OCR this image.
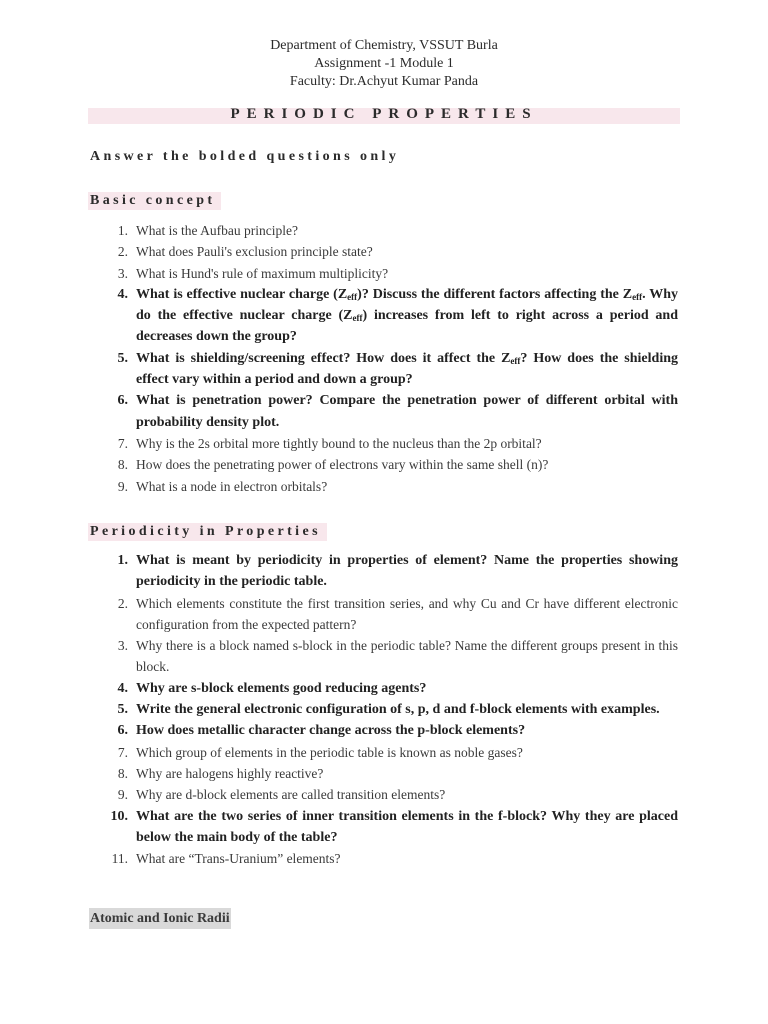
Department of Chemistry, VSSUT Burla
Assignment -1 Module 1
Faculty: Dr.Achyut Kumar Panda
PERIODIC PROPERTIES
Answer the bolded questions only
Basic concept
1. What is the Aufbau principle?
2. What does Pauli's exclusion principle state?
3. What is Hund's rule of maximum multiplicity?
4. What is effective nuclear charge $(Z_{eff})$? Discuss the different factors affecting the $Z_{eff}$. Why do the effective nuclear charge $(Z_{eff})$ increases from left to right across a period and decreases down the group?
5. What is shielding/screening effect? How does it affect the $Z_{eff}$? How does the shielding effect vary within a period and down a group?
6. What is penetration power? Compare the penetration power of different orbital with probability density plot.
7. Why is the 2s orbital more tightly bound to the nucleus than the 2p orbital?
8. How does the penetrating power of electrons vary within the same shell (n)?
9. What is a node in electron orbitals?
Periodicity in Properties
1. What is meant by periodicity in properties of element? Name the properties showing periodicity in the periodic table.
2. Which elements constitute the first transition series, and why Cu and Cr have different electronic configuration from the expected pattern?
3. Why there is a block named s-block in the periodic table? Name the different groups present in this block.
4. Why are s-block elements good reducing agents?
5. Write the general electronic configuration of s, p, d and f-block elements with examples.
6. How does metallic character change across the p-block elements?
7. Which group of elements in the periodic table is known as noble gases?
8. Why are halogens highly reactive?
9. Why are d-block elements are called transition elements?
10. What are the two series of inner transition elements in the f-block? Why they are placed below the main body of the table?
11. What are “Trans-Uranium” elements?
Atomic and Ionic Radii
